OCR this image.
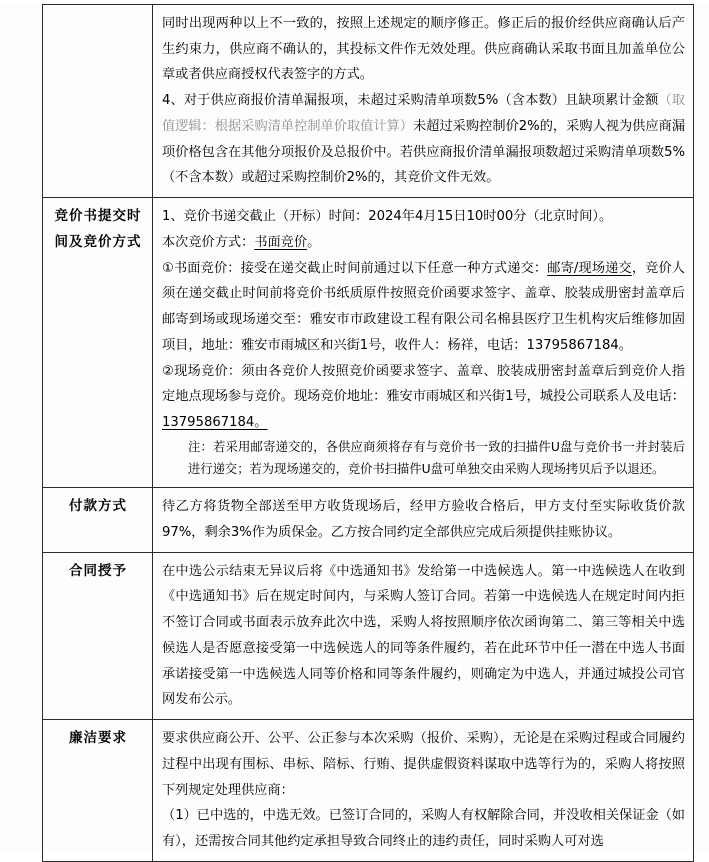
	同时出现两种以上不一致的，按照上述规定的顺序修正。修正后的报价经供应商确认后产生约束力，供应商不确认的，其投标文件作无效处理。供应商确认采取书面且加盖单位公章或者供应商授权代表签字的方式。

4、对于供应商报价清单漏报项，未超过采购清单项数5%（含本数）且缺项累计金额（取值逻辑：根据采购清单控制单价取值计算）未超过采购控制价2%的，采购人视为供应商漏项价格包含在其他分项报价及总报价中。若供应商报价清单漏报项数超过采购清单项数5%（不含本数）或超过采购控制价2%的，其竞价文件无效。

竞价书提交时间及竞价方式	1、竞价书递交截止（开标）时间：2024年4月15日10时00分（北京时间）。

本次竞价方式：书面竞价。

①书面竞价：接受在递交截止时间前通过以下任意一种方式递交：邮寄/现场递交，竞价人须在递交截止时间前将竞价书纸质原件按照竞价函要求签字、盖章、胶装成册密封盖章后邮寄到场或现场递交至：雅安市市政建设工程有限公司名棉县医疗卫生机构灾后维修加固项目，地址：雅安市雨城区和兴街1号，收件人：杨祥，电话：13795867184。

②现场竞价：须由各竞价人按照竞价函要求签字、盖章、胶装成册密封盖章后到竞价人指定地点现场参与竞价。现场竞价地址：雅安市雨城区和兴街1号，城投公司联系人及电话：13795867184。

注：若采用邮寄递交的，各供应商须将存有与竞价书一致的扫描件U盘与竞价书一并封装后进行递交；若为现场递交的，竞价书扫描件U盘可单独交由采购人现场拷贝后予以退还。

付款方式	待乙方将货物全部送至甲方收货现场后，经甲方验收合格后，甲方支付至实际收货价款97%，剩余3%作为质保金。乙方按合同约定全部供应完成后须提供挂账协议。

合同授予	在中选公示结束无异议后将《中选通知书》发给第一中选候选人。第一中选候选人在收到《中选通知书》后在规定时间内，与采购人签订合同。若第一中选候选人在规定时间内拒不签订合同或书面表示放弃此次中选，采购人将按照顺序依次函询第二、第三等相关中选候选人是否愿意接受第一中选候选人的同等条件履约，若在此环节中任一潜在中选人书面承诺接受第一中选候选人同等价格和同等条件履约，则确定为中选人，并通过城投公司官网发布公示。

廉洁要求	要求供应商公开、公平、公正参与本次采购（报价、采购），无论是在采购过程或合同履约过程中出现有围标、串标、陪标、行贿、提供虚假资料谋取中选等行为的，采购人将按照下列规定处理供应商：

（1）已中选的，中选无效。已签订合同的，采购人有权解除合同，并没收相关保证金（如有），还需按合同其他约定承担导致合同终止的违约责任，同时采购人可对选
